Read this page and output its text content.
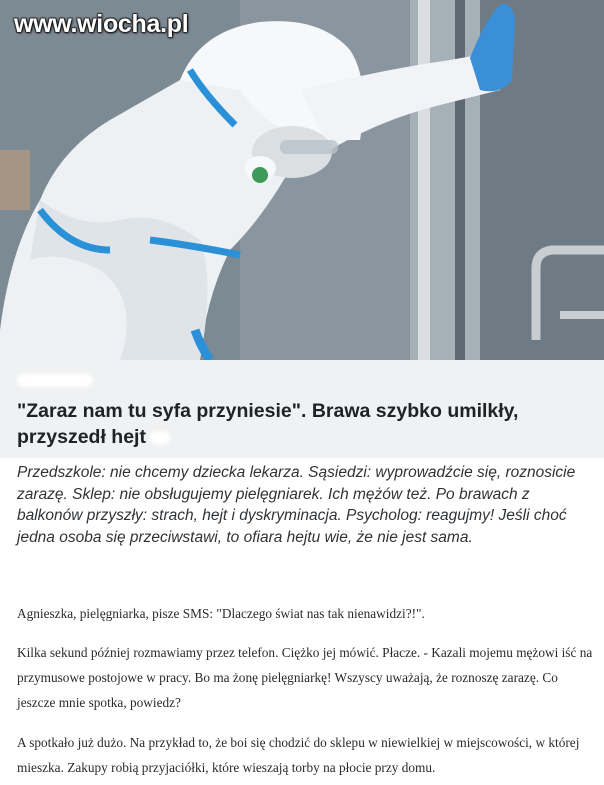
www.wiocha.pl
"Zaraz nam tu syfa przyniesie". Brawa szybko umilkły, przyszedł hejt

Przedszkole: nie chcemy dziecka lekarza. Sąsiedzi: wyprowadźcie się, roznosicie zarazę. Sklep: nie obsługujemy pielęgniarek. Ich mężów też. Po brawach z balkonów przyszły: strach, hejt i dyskryminacja. Psycholog: reagujmy! Jeśli choć jedna osoba się przeciwstawi, to ofiara hejtu wie, że nie jest sama.

Agnieszka, pielęgniarka, pisze SMS: "Dlaczego świat nas tak nienawidzi?!".

Kilka sekund później rozmawiamy przez telefon. Ciężko jej mówić. Płacze. - Kazali mojemu mężowi iść na przymusowe postojowe w pracy. Bo ma żonę pielęgniarkę! Wszyscy uważają, że roznoszę zarazę. Co jeszcze mnie spotka, powiedz?

A spotkało już dużo. Na przykład to, że boi się chodzić do sklepu w niewielkiej w miejscowości, w której mieszka. Zakupy robią przyjaciółki, które wieszają torby na płocie przy domu.
